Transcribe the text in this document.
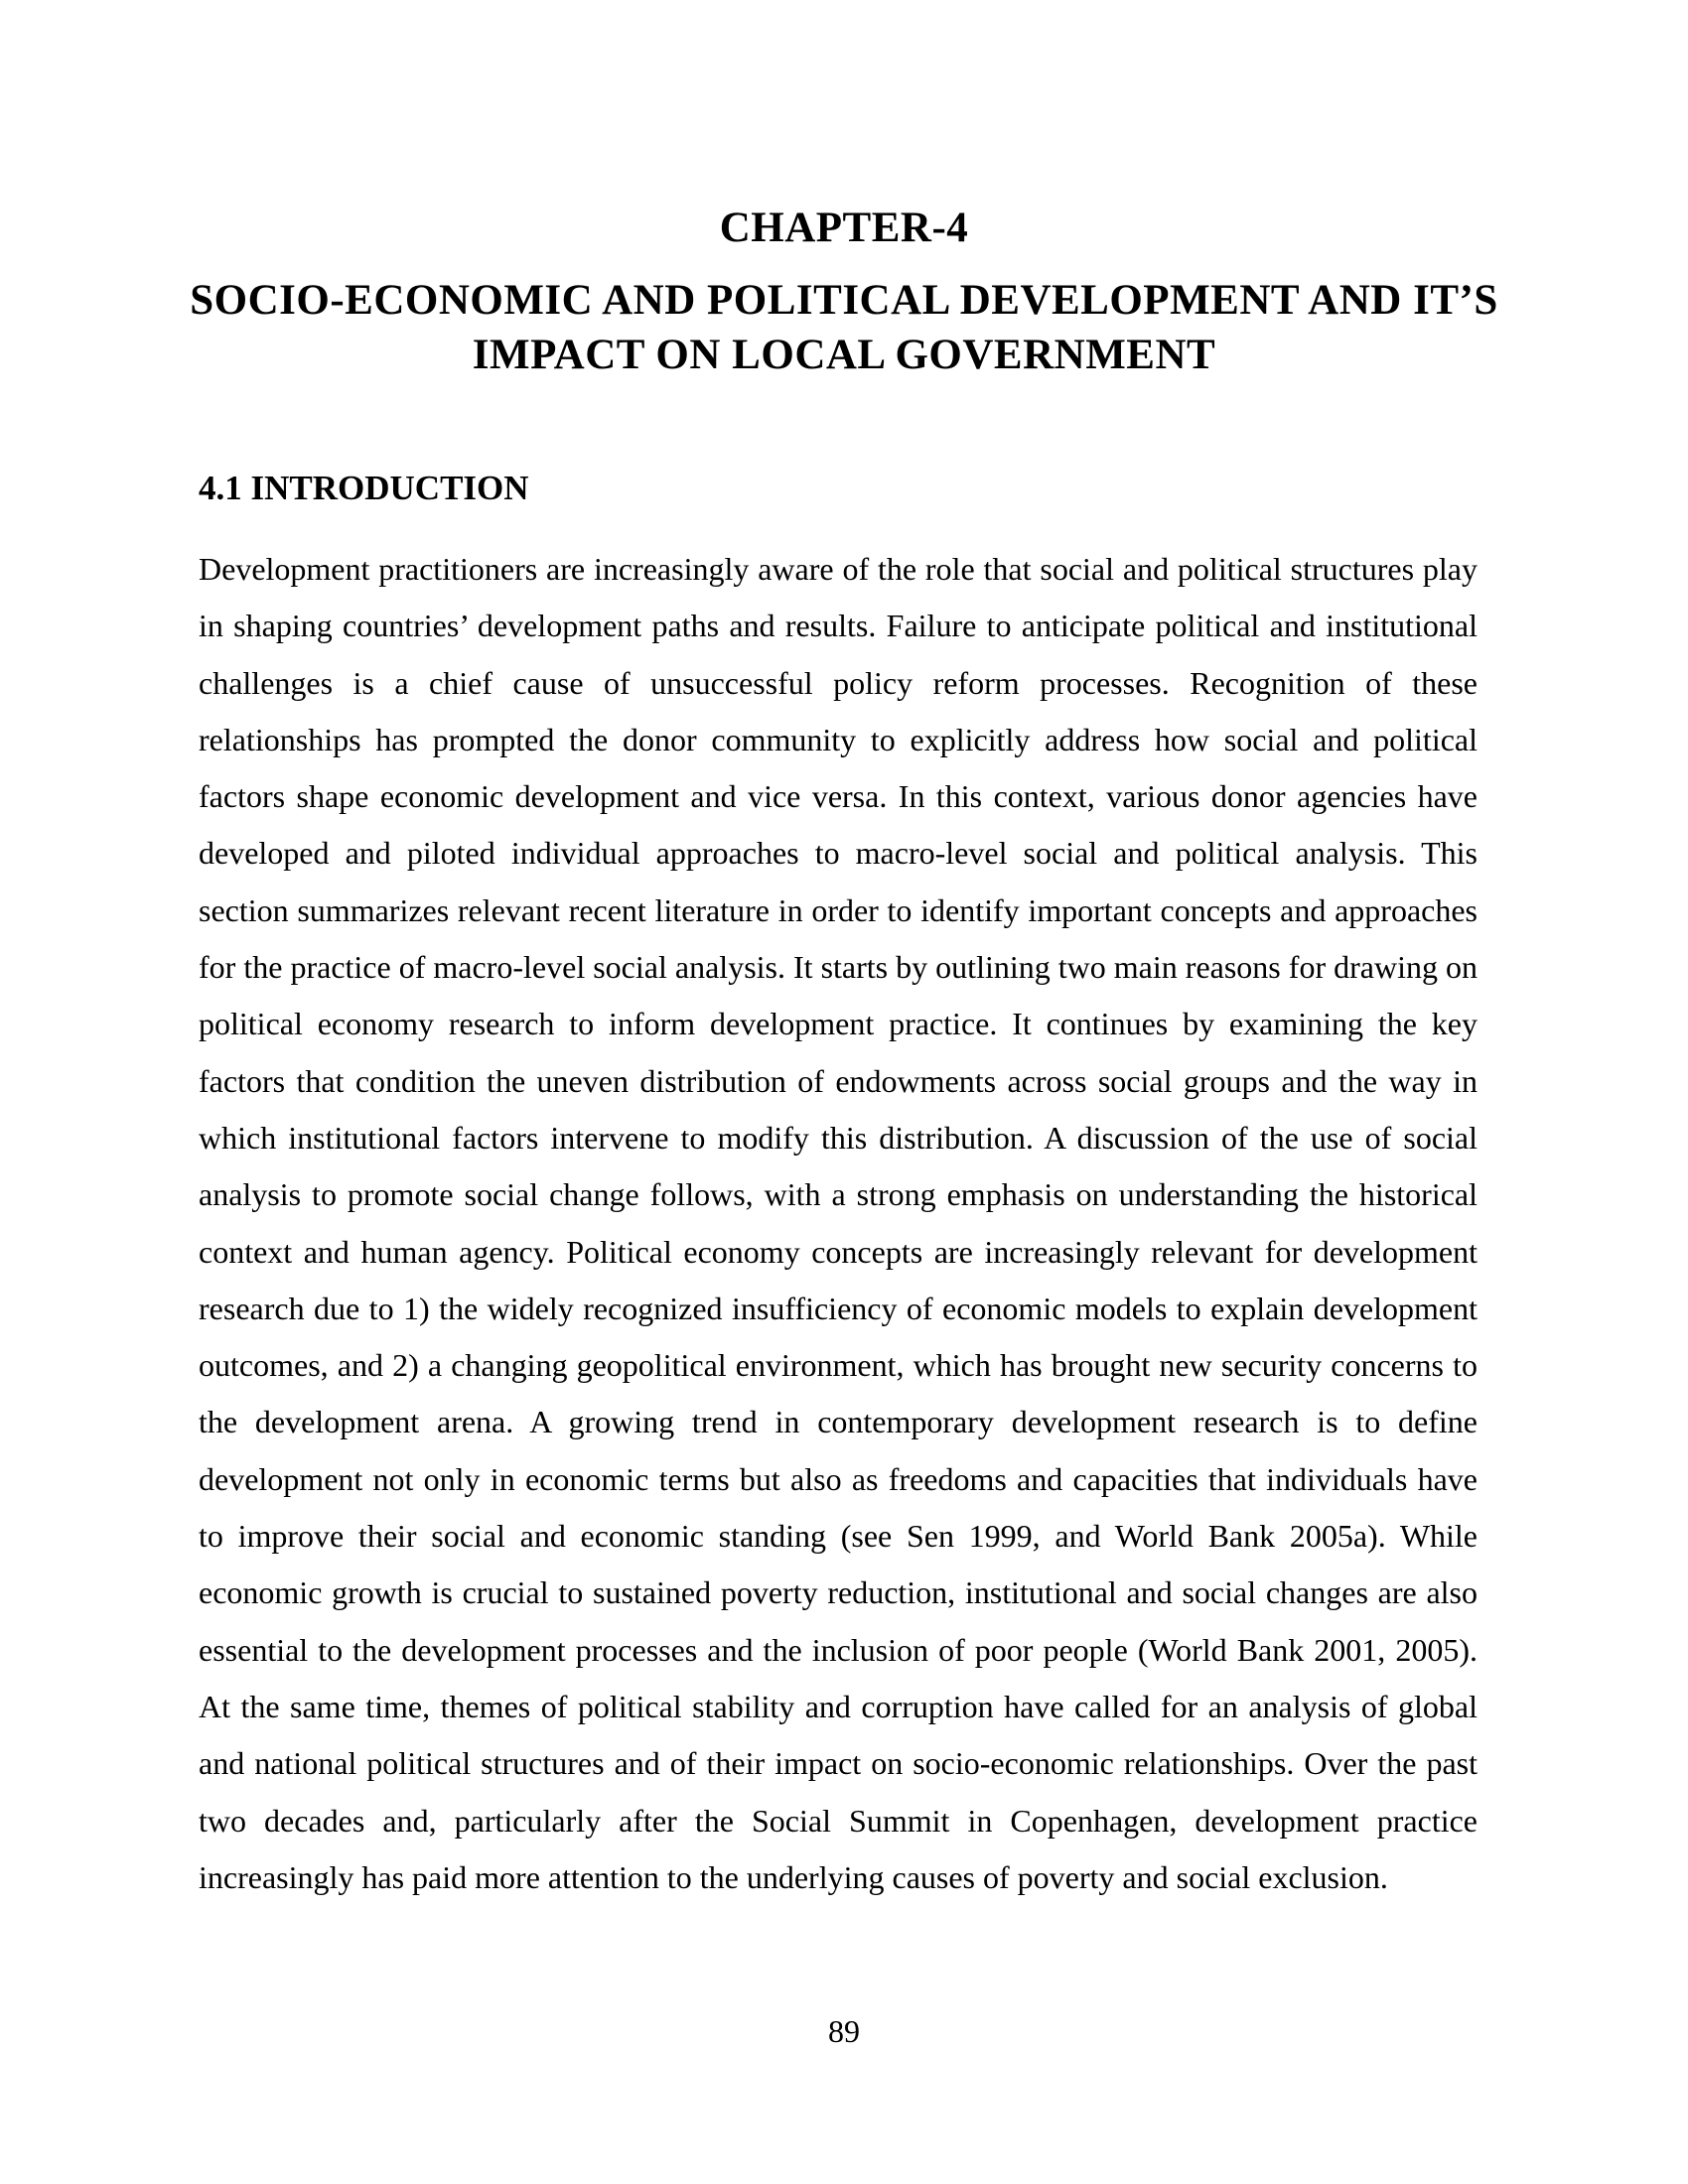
CHAPTER-4
SOCIO-ECONOMIC AND POLITICAL DEVELOPMENT AND IT’S
IMPACT ON LOCAL GOVERNMENT
4.1 INTRODUCTION
Development practitioners are increasingly aware of the role that social and political structures play in shaping countries’ development paths and results. Failure to anticipate political and institutional challenges is a chief cause of unsuccessful policy reform processes. Recognition of these relationships has prompted the donor community to explicitly address how social and political factors shape economic development and vice versa. In this context, various donor agencies have developed and piloted individual approaches to macro-level social and political analysis. This section summarizes relevant recent literature in order to identify important concepts and approaches for the practice of macro-level social analysis. It starts by outlining two main reasons for drawing on political economy research to inform development practice. It continues by examining the key factors that condition the uneven distribution of endowments across social groups and the way in which institutional factors intervene to modify this distribution. A discussion of the use of social analysis to promote social change follows, with a strong emphasis on understanding the historical context and human agency. Political economy concepts are increasingly relevant for development research due to 1) the widely recognized insufficiency of economic models to explain development outcomes, and 2) a changing geopolitical environment, which has brought new security concerns to the development arena. A growing trend in contemporary development research is to define development not only in economic terms but also as freedoms and capacities that individuals have to improve their social and economic standing (see Sen 1999, and World Bank 2005a). While economic growth is crucial to sustained poverty reduction, institutional and social changes are also essential to the development processes and the inclusion of poor people (World Bank 2001, 2005). At the same time, themes of political stability and corruption have called for an analysis of global and national political structures and of their impact on socio-economic relationships. Over the past two decades and, particularly after the Social Summit in Copenhagen, development practice increasingly has paid more attention to the underlying causes of poverty and social exclusion.
89
